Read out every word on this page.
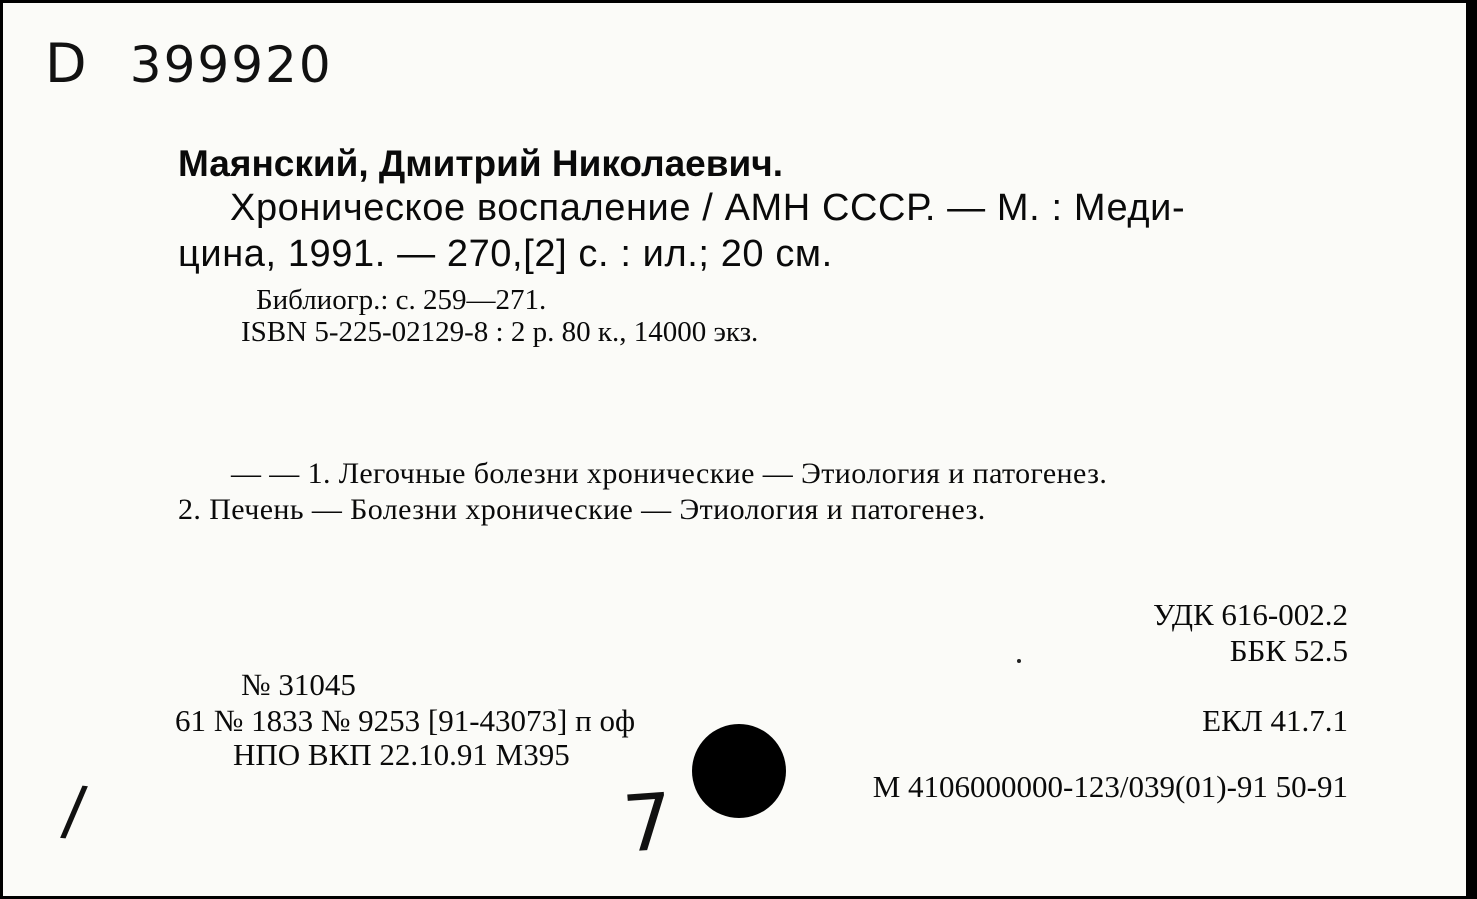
D 399920
Маянский, Дмитрий Николаевич.
Хроническое воспаление / АМН СССР. — М. : Меди-
цина, 1991. — 270,[2] с. : ил.; 20 см.
Библиогр.: с. 259—271.
ISBN 5-225-02129-8 : 2 р. 80 к., 14000 экз.
— — 1. Легочные болезни хронические — Этиология и патогенез.
2. Печень — Болезни хронические — Этиология и патогенез.
УДК 616-002.2
ББК 52.5
ЕКЛ 41.7.1
М 4106000000-123/039(01)-91 50-91
№ 31045
61 № 1833 № 9253 [91-43073] п оф
НПО ВКП 22.10.91 М395
/	7
